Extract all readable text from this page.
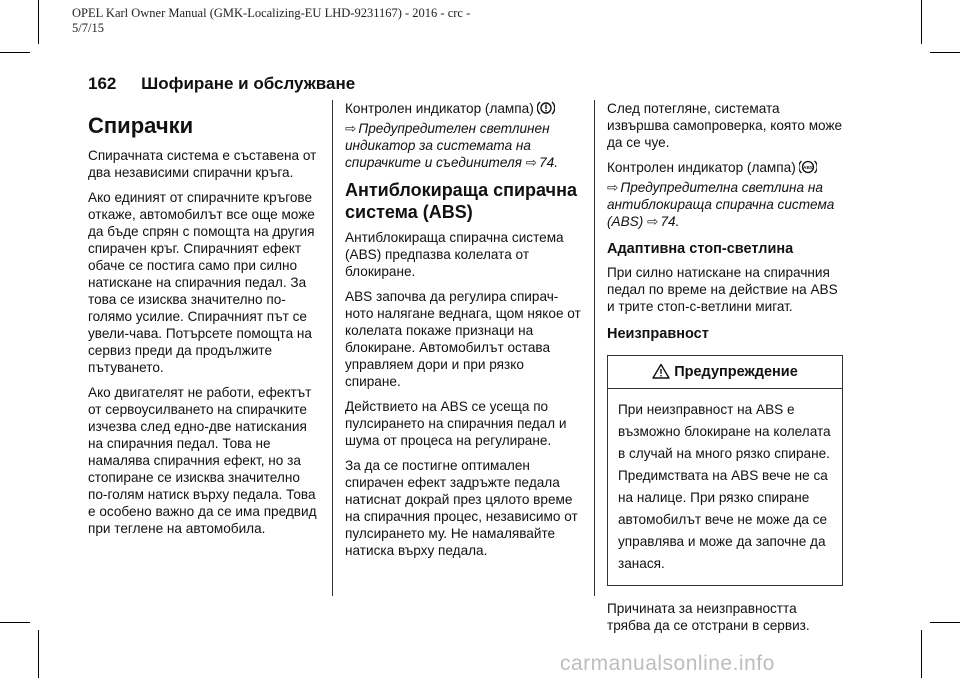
OPEL Karl Owner Manual (GMK-Localizing-EU LHD-9231167) - 2016 - crc -
5/7/15
162 Шофиране и обслужване
Спирачки
Спирачната система е съставена от два независими спирачни кръга.
Ако единият от спирачните кръгове откаже, автомобилът все още може да бъде спрян с помощта на другия спирачен кръг. Спирачният ефект обаче се постига само при силно натискане на спирачния педал. За това се изисква значително по-голямо усилие. Спирачният път се увели-чава. Потърсете помощта на сервиз преди да продължите пътуването.
Ако двигателят не работи, ефектът от сервоусилването на спирачките изчезва след едно-две натискания на спирачния педал. Това не намалява спирачния ефект, но за стопиране се изисква значително по-голям натиск върху педала. Това е особено важно да се има предвид при теглене на автомобила.
Контролен индикатор (лампа)
⇨ Предупредителен светлинен индикатор за системата на спирачките и съединителя ⇨ 74.
Антиблокираща спирачна система (ABS)
Антиблокираща спирачна система (ABS) предпазва колелата от блокиране.
ABS започва да регулира спирач-ното налягане веднага, щом някое от колелата покаже признаци на блокиране. Автомобилът остава управляем дори и при рязко спиране.
Действието на ABS се усеща по пулсирането на спирачния педал и шума от процеса на регулиране.
За да се постигне оптимален спирачен ефект задръжте педала натиснат докрай през цялото време на спирачния процес, независимо от пулсирането му. Не намалявайте натиска върху педала.
След потегляне, системата извършва самопроверка, която може да се чуе.
Контролен индикатор (лампа) ABS

⇨ Предупредителна светлина на антиблокираща спирачна система (ABS) ⇨ 74.
Адаптивна стоп-светлина
При силно натискане на спирачния педал по време на действие на ABS и трите стоп-с-ветлини мигат.
Неизправност
Предупреждение
При неизправност на ABS е възможно блокиране на колелата в случай на много рязко спиране. Предимствата на ABS вече не са на налице. При рязко спиране автомобилът вече не може да се управлява и може да започне да занася.
Причината за неизправността трябва да се отстрани в сервиз.
carmanualsonline.info
